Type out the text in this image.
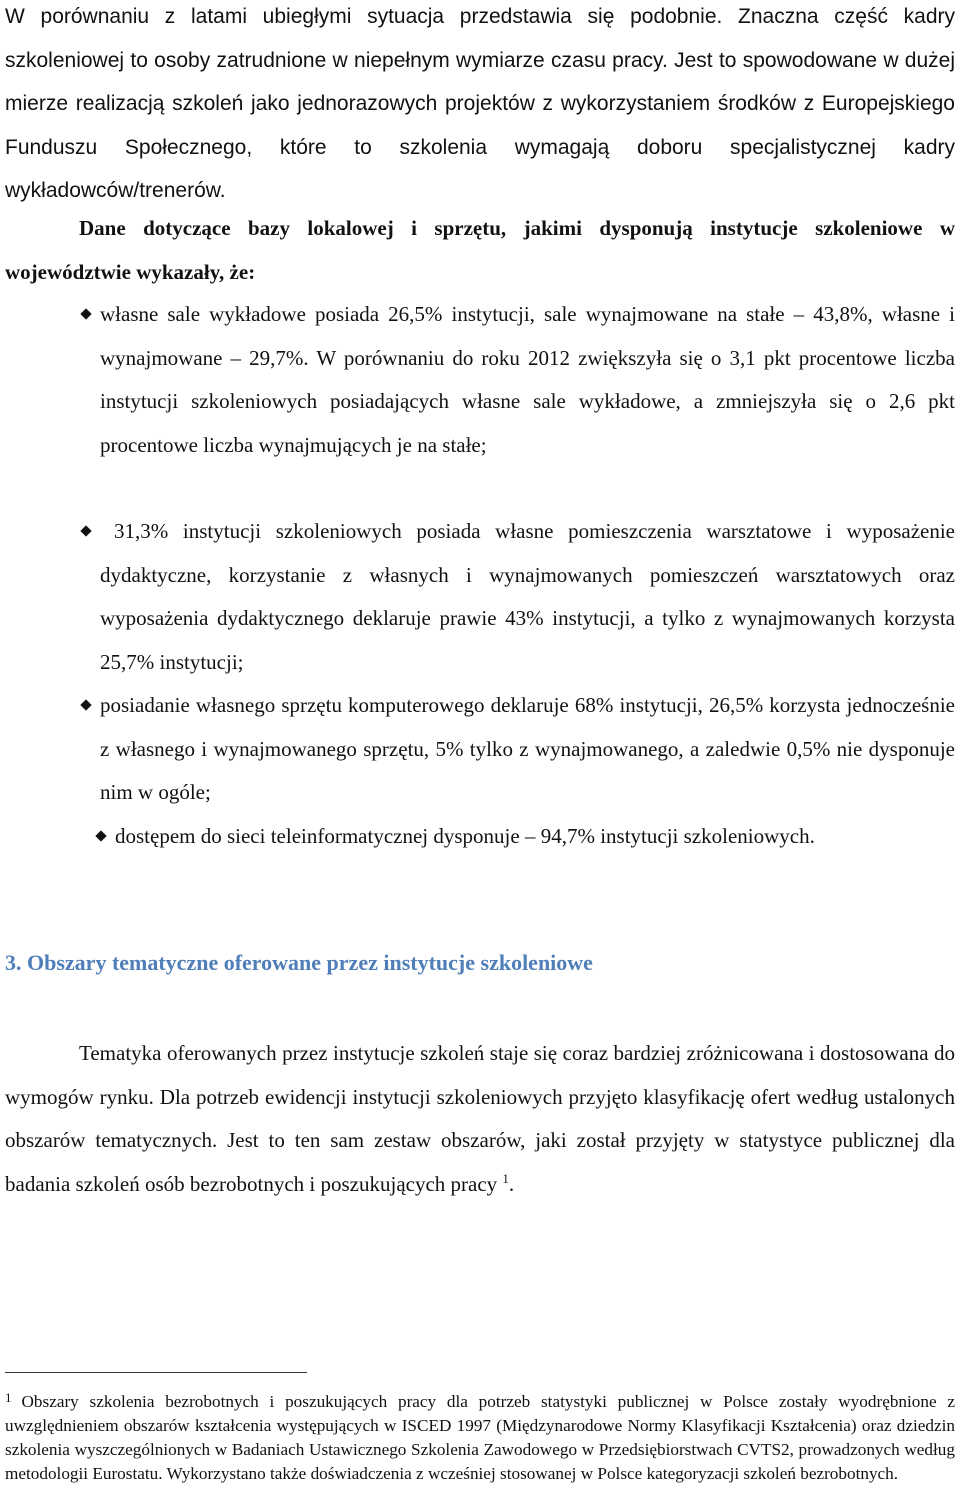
W porównaniu z latami ubiegłymi sytuacja przedstawia się podobnie. Znaczna część kadry szkoleniowej to osoby zatrudnione w niepełnym wymiarze czasu pracy. Jest to spowodowane w dużej mierze realizacją szkoleń jako jednorazowych projektów z wykorzystaniem środków z Europejskiego Funduszu Społecznego, które to szkolenia wymagają doboru specjalistycznej kadry wykładowców/trenerów.

Dane dotyczące bazy lokalowej i sprzętu, jakimi dysponują instytucje szkoleniowe w województwie wykazały, że:

własne sale wykładowe posiada 26,5% instytucji, sale wynajmowane na stałe – 43,8%, własne i wynajmowane – 29,7%. W porównaniu do roku 2012 zwiększyła się o 3,1 pkt procentowe liczba instytucji szkoleniowych posiadających własne sale wykładowe, a zmniejszyła się o 2,6 pkt procentowe liczba wynajmujących je na stałe;

31,3% instytucji szkoleniowych posiada własne pomieszczenia warsztatowe i wyposażenie dydaktyczne, korzystanie z własnych i wynajmowanych pomieszczeń warsztatowych oraz wyposażenia dydaktycznego deklaruje prawie 43% instytucji, a tylko z wynajmowanych korzysta 25,7% instytucji;

posiadanie własnego sprzętu komputerowego deklaruje 68% instytucji, 26,5% korzysta jednocześnie z własnego i wynajmowanego sprzętu, 5% tylko z wynajmowanego, a zaledwie 0,5% nie dysponuje nim w ogóle;

dostępem do sieci teleinformatycznej dysponuje – 94,7% instytucji szkoleniowych.

3. Obszary tematyczne oferowane przez instytucje szkoleniowe

Tematyka oferowanych przez instytucje szkoleń staje się coraz bardziej zróżnicowana i dostosowana do wymogów rynku. Dla potrzeb ewidencji instytucji szkoleniowych przyjęto klasyfikację ofert według ustalonych obszarów tematycznych. Jest to ten sam zestaw obszarów, jaki został przyjęty w statystyce publicznej dla badania szkoleń osób bezrobotnych i poszukujących pracy $^1$.

$^1$ Obszary szkolenia bezrobotnych i poszukujących pracy dla potrzeb statystyki publicznej w Polsce zostały wyodrębnione z uwzględnieniem obszarów kształcenia występujących w ISCED 1997 (Międzynarodowe Normy Klasyfikacji Kształcenia) oraz dziedzin szkolenia wyszczególnionych w Badaniach Ustawicznego Szkolenia Zawodowego w Przedsiębiorstwach CVTS2, prowadzonych według metodologii Eurostatu. Wykorzystano także doświadczenia z wcześniej stosowanej w Polsce kategoryzacji szkoleń bezrobotnych.
